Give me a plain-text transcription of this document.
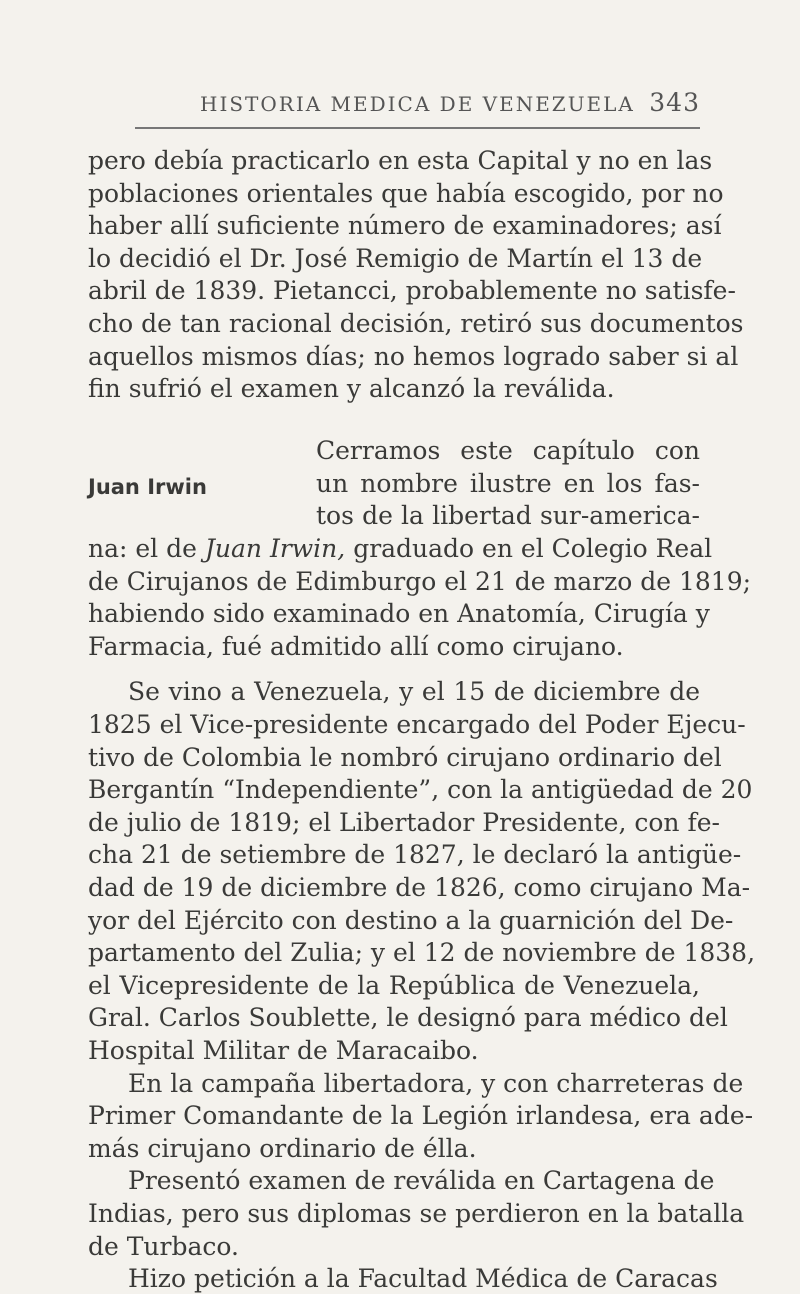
HISTORIA MEDICA DE VENEZUELA 343
pero debía practicarlo en esta Capital y no en las
poblaciones orientales que había escogido, por no
haber allí suficiente número de examinadores; así
lo decidió el Dr. José Remigio de Martín el 13 de
abril de 1839. Pietancci, probablemente no satisfe-
cho de tan racional decisión, retiró sus documentos
aquellos mismos días; no hemos logrado saber si al
fin sufrió el examen y alcanzó la reválida.
Cerramos este capítulo con
Juan Irwin	un nombre ilustre en los fas-
tos de la libertad sur-america-
na: el de Juan Irwin, graduado en el Colegio Real
de Cirujanos de Edimburgo el 21 de marzo de 1819;
habiendo sido examinado en Anatomía, Cirugía y
Farmacia, fué admitido allí como cirujano.
Se vino a Venezuela, y el 15 de diciembre de
1825 el Vice-presidente encargado del Poder Ejecu-
tivo de Colombia le nombró cirujano ordinario del
Bergantín “Independiente”, con la antigüedad de 20
de julio de 1819; el Libertador Presidente, con fe-
cha 21 de setiembre de 1827, le declaró la antigüe-
dad de 19 de diciembre de 1826, como cirujano Ma-
yor del Ejército con destino a la guarnición del De-
partamento del Zulia; y el 12 de noviembre de 1838,
el Vicepresidente de la República de Venezuela,
Gral. Carlos Soublette, le designó para médico del
Hospital Militar de Maracaibo.
En la campaña libertadora, y con charreteras de
Primer Comandante de la Legión irlandesa, era ade-
más cirujano ordinario de élla.
Presentó examen de reválida en Cartagena de
Indias, pero sus diplomas se perdieron en la batalla
de Turbaco.
Hizo petición a la Facultad Médica de Caracas
